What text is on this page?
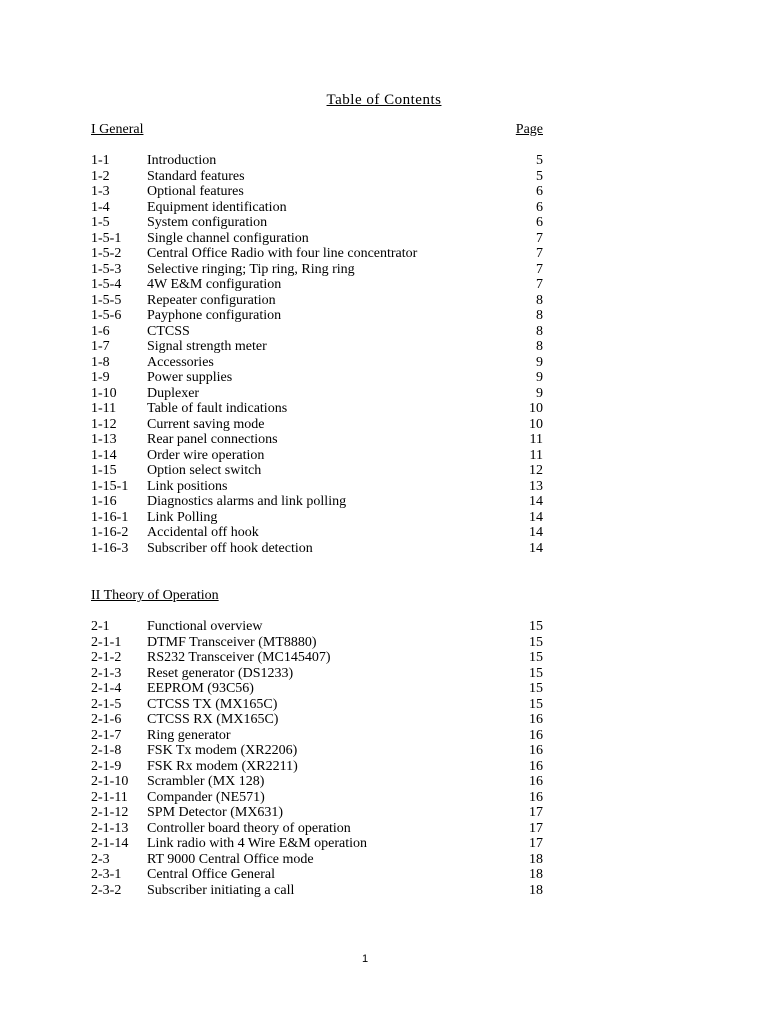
Table of Contents
I General	Page
1-1	Introduction	5
1-2	Standard features	5
1-3	Optional features	6
1-4	Equipment identification	6
1-5	System configuration	6
1-5-1 Single channel configuration	7
1-5-2 Central Office Radio with four line concentrator	7
1-5-3 Selective ringing; Tip ring, Ring ring	7
1-5-4 4W E&M configuration	7
1-5-5 Repeater configuration	8
1-5-6 Payphone configuration	8
1-6	CTCSS	8
1-7	Signal strength meter	8
1-8	Accessories	9
1-9	Power supplies	9
1-10 Duplexer	9
1-11 Table of fault indications	10
1-12 Current saving mode	10
1-13 Rear panel connections	11
1-14 Order wire operation	11
1-15 Option select switch	12
1-15-1 Link positions	13
1-16 Diagnostics alarms and link polling	14
1-16-1 Link Polling	14
1-16-2 Accidental off hook	14
1-16-3 Subscriber off hook detection	14
II Theory of Operation
2-1	Functional overview	15
2-1-1 DTMF Transceiver (MT8880)	15
2-1-2 RS232 Transceiver (MC145407)	15
2-1-3 Reset generator (DS1233)	15
2-1-4 EEPROM (93C56)	15
2-1-5 CTCSS TX (MX165C)	15
2-1-6 CTCSS RX (MX165C)	16
2-1-7 Ring generator	16
2-1-8 FSK Tx modem (XR2206)	16
2-1-9 FSK Rx modem (XR2211)	16
2-1-10 Scrambler (MX 128)	16
2-1-11 Compander (NE571)	16
2-1-12 SPM Detector (MX631)	17
2-1-13 Controller board theory of operation	17
2-1-14 Link radio with 4 Wire E&M operation	17
2-3	RT 9000 Central Office mode	18
2-3-1 Central Office General	18
2-3-2 Subscriber initiating a call	18
1
